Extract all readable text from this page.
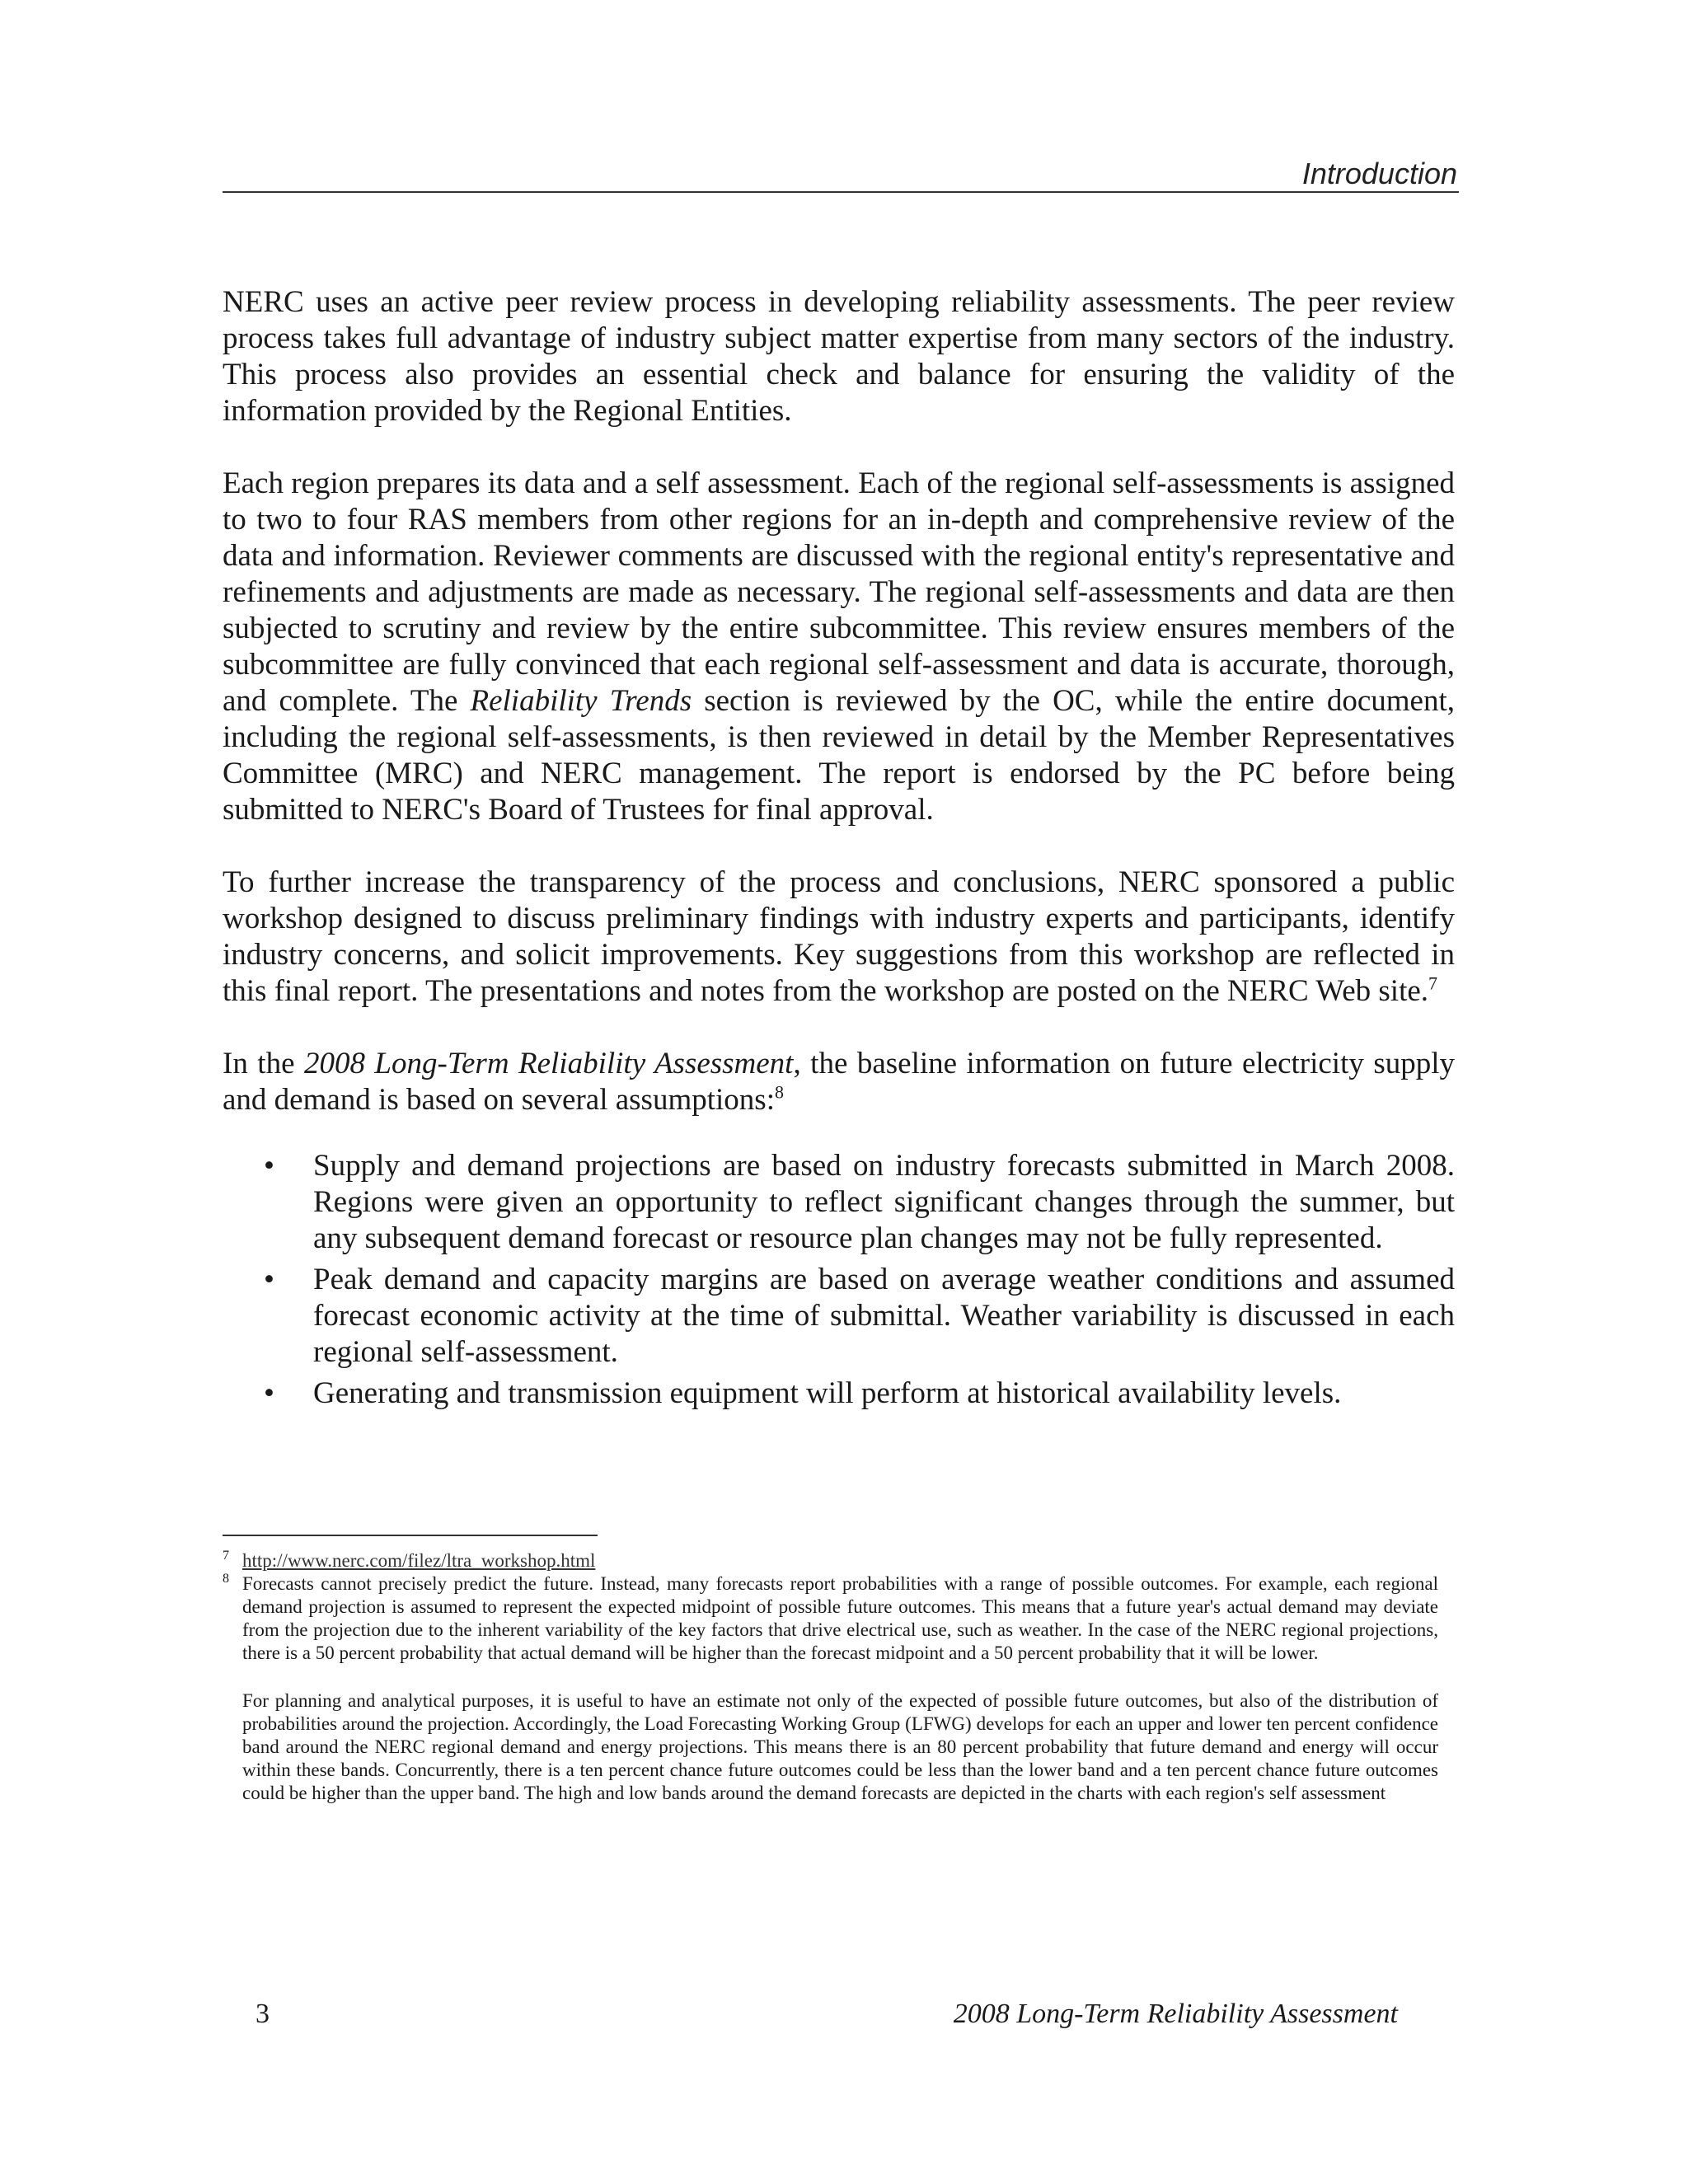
Introduction

NERC uses an active peer review process in developing reliability assessments. The peer review process takes full advantage of industry subject matter expertise from many sectors of the industry. This process also provides an essential check and balance for ensuring the validity of the information provided by the Regional Entities.

Each region prepares its data and a self assessment. Each of the regional self-assessments is assigned to two to four RAS members from other regions for an in-depth and comprehensive review of the data and information. Reviewer comments are discussed with the regional entity's representative and refinements and adjustments are made as necessary. The regional self-assessments and data are then subjected to scrutiny and review by the entire subcommittee. This review ensures members of the subcommittee are fully convinced that each regional self-assessment and data is accurate, thorough, and complete. The Reliability Trends section is reviewed by the OC, while the entire document, including the regional self-assessments, is then reviewed in detail by the Member Representatives Committee (MRC) and NERC management. The report is endorsed by the PC before being submitted to NERC's Board of Trustees for final approval.

To further increase the transparency of the process and conclusions, NERC sponsored a public workshop designed to discuss preliminary findings with industry experts and participants, identify industry concerns, and solicit improvements. Key suggestions from this workshop are reflected in this final report. The presentations and notes from the workshop are posted on the NERC Web site.$^7$

In the 2008 Long-Term Reliability Assessment, the baseline information on future electricity supply and demand is based on several assumptions:$^8$

• Supply and demand projections are based on industry forecasts submitted in March 2008. Regions were given an opportunity to reflect significant changes through the summer, but any subsequent demand forecast or resource plan changes may not be fully represented.
• Peak demand and capacity margins are based on average weather conditions and assumed forecast economic activity at the time of submittal. Weather variability is discussed in each regional self-assessment.
• Generating and transmission equipment will perform at historical availability levels.
7 http://www.nerc.com/filez/ltra_workshop.html
8 Forecasts cannot precisely predict the future. Instead, many forecasts report probabilities with a range of possible outcomes. For example, each regional demand projection is assumed to represent the expected midpoint of possible future outcomes. This means that a future year's actual demand may deviate from the projection due to the inherent variability of the key factors that drive electrical use, such as weather. In the case of the NERC regional projections, there is a 50 percent probability that actual demand will be higher than the forecast midpoint and a 50 percent probability that it will be lower.

For planning and analytical purposes, it is useful to have an estimate not only of the expected of possible future outcomes, but also of the distribution of probabilities around the projection. Accordingly, the Load Forecasting Working Group (LFWG) develops for each an upper and lower ten percent confidence band around the NERC regional demand and energy projections. This means there is an 80 percent probability that future demand and energy will occur within these bands. Concurrently, there is a ten percent chance future outcomes could be less than the lower band and a ten percent chance future outcomes could be higher than the upper band. The high and low bands around the demand forecasts are depicted in the charts with each region's self assessment

3	2008 Long-Term Reliability Assessment
